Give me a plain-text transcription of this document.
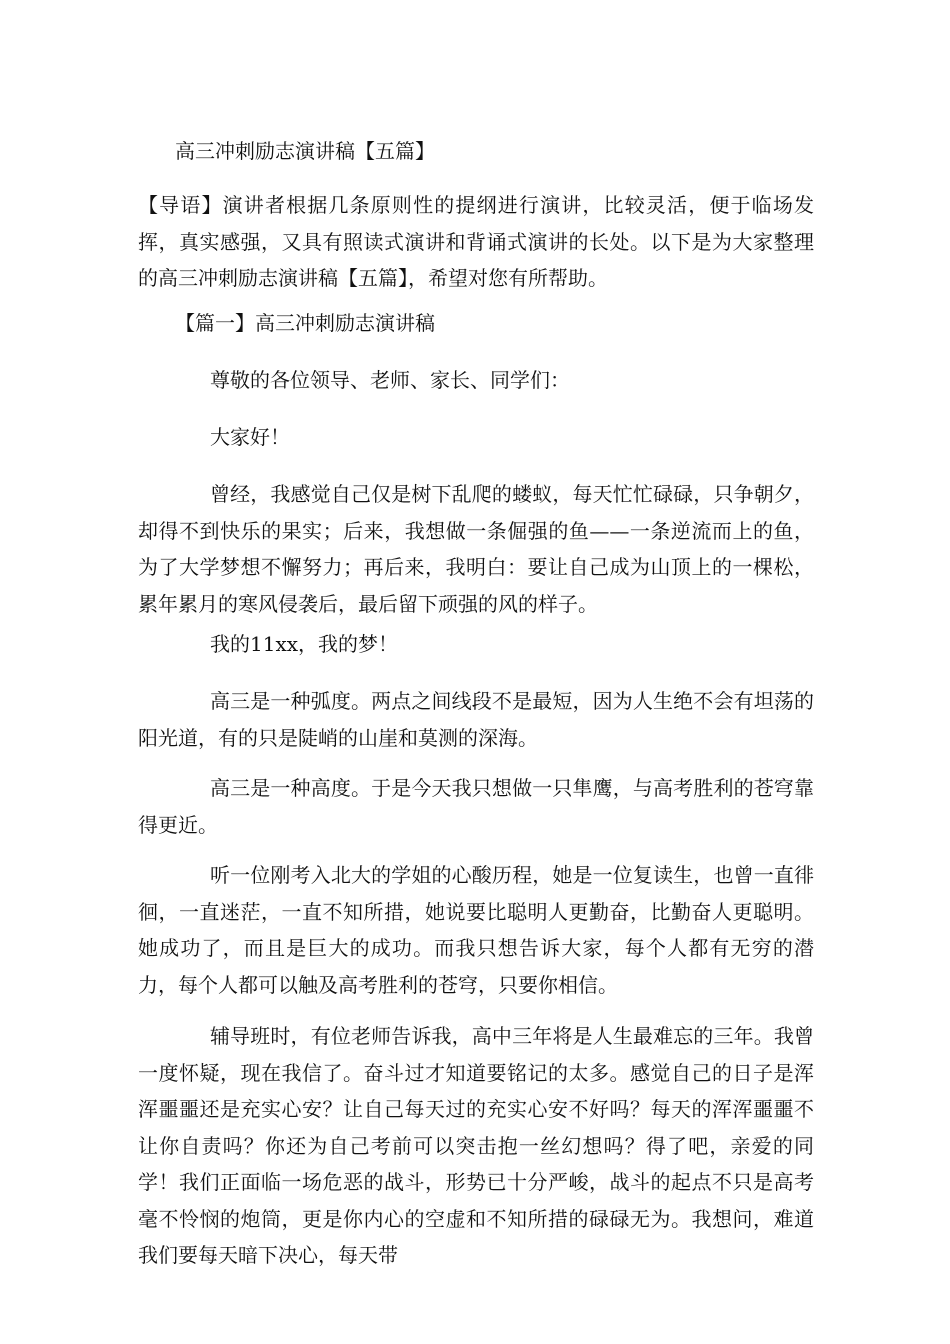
高三冲刺励志演讲稿【五篇】
【导语】演讲者根据几条原则性的提纲进行演讲，比较灵活，便于临场发挥，真实感强，又具有照读式演讲和背诵式演讲的长处。以下是为大家整理的高三冲刺励志演讲稿【五篇】，希望对您有所帮助。
【篇一】高三冲刺励志演讲稿
尊敬的各位领导、老师、家长、同学们：
大家好！
曾经，我感觉自己仅是树下乱爬的蝼蚁，每天忙忙碌碌，只争朝夕，却得不到快乐的果实；后来，我想做一条倔强的鱼——一条逆流而上的鱼，为了大学梦想不懈努力；再后来，我明白：要让自己成为山顶上的一棵松，累年累月的寒风侵袭后，最后留下顽强的风的样子。
我的11xx，我的梦！
高三是一种弧度。两点之间线段不是最短，因为人生绝不会有坦荡的阳光道，有的只是陡峭的山崖和莫测的深海。
高三是一种高度。于是今天我只想做一只隼鹰，与高考胜利的苍穹靠得更近。
听一位刚考入北大的学姐的心酸历程，她是一位复读生，也曾一直徘徊，一直迷茫，一直不知所措，她说要比聪明人更勤奋，比勤奋人更聪明。她成功了，而且是巨大的成功。而我只想告诉大家，每个人都有无穷的潜力，每个人都可以触及高考胜利的苍穹，只要你相信。
辅导班时，有位老师告诉我，高中三年将是人生最难忘的三年。我曾一度怀疑，现在我信了。奋斗过才知道要铭记的太多。感觉自己的日子是浑浑噩噩还是充实心安？让自己每天过的充实心安不好吗？每天的浑浑噩噩不让你自责吗？你还为自己考前可以突击抱一丝幻想吗？得了吧，亲爱的同学！我们正面临一场危恶的战斗，形势已十分严峻，战斗的起点不只是高考毫不怜悯的炮筒，更是你内心的空虚和不知所措的碌碌无为。我想问，难道我们要每天暗下决心，每天带
